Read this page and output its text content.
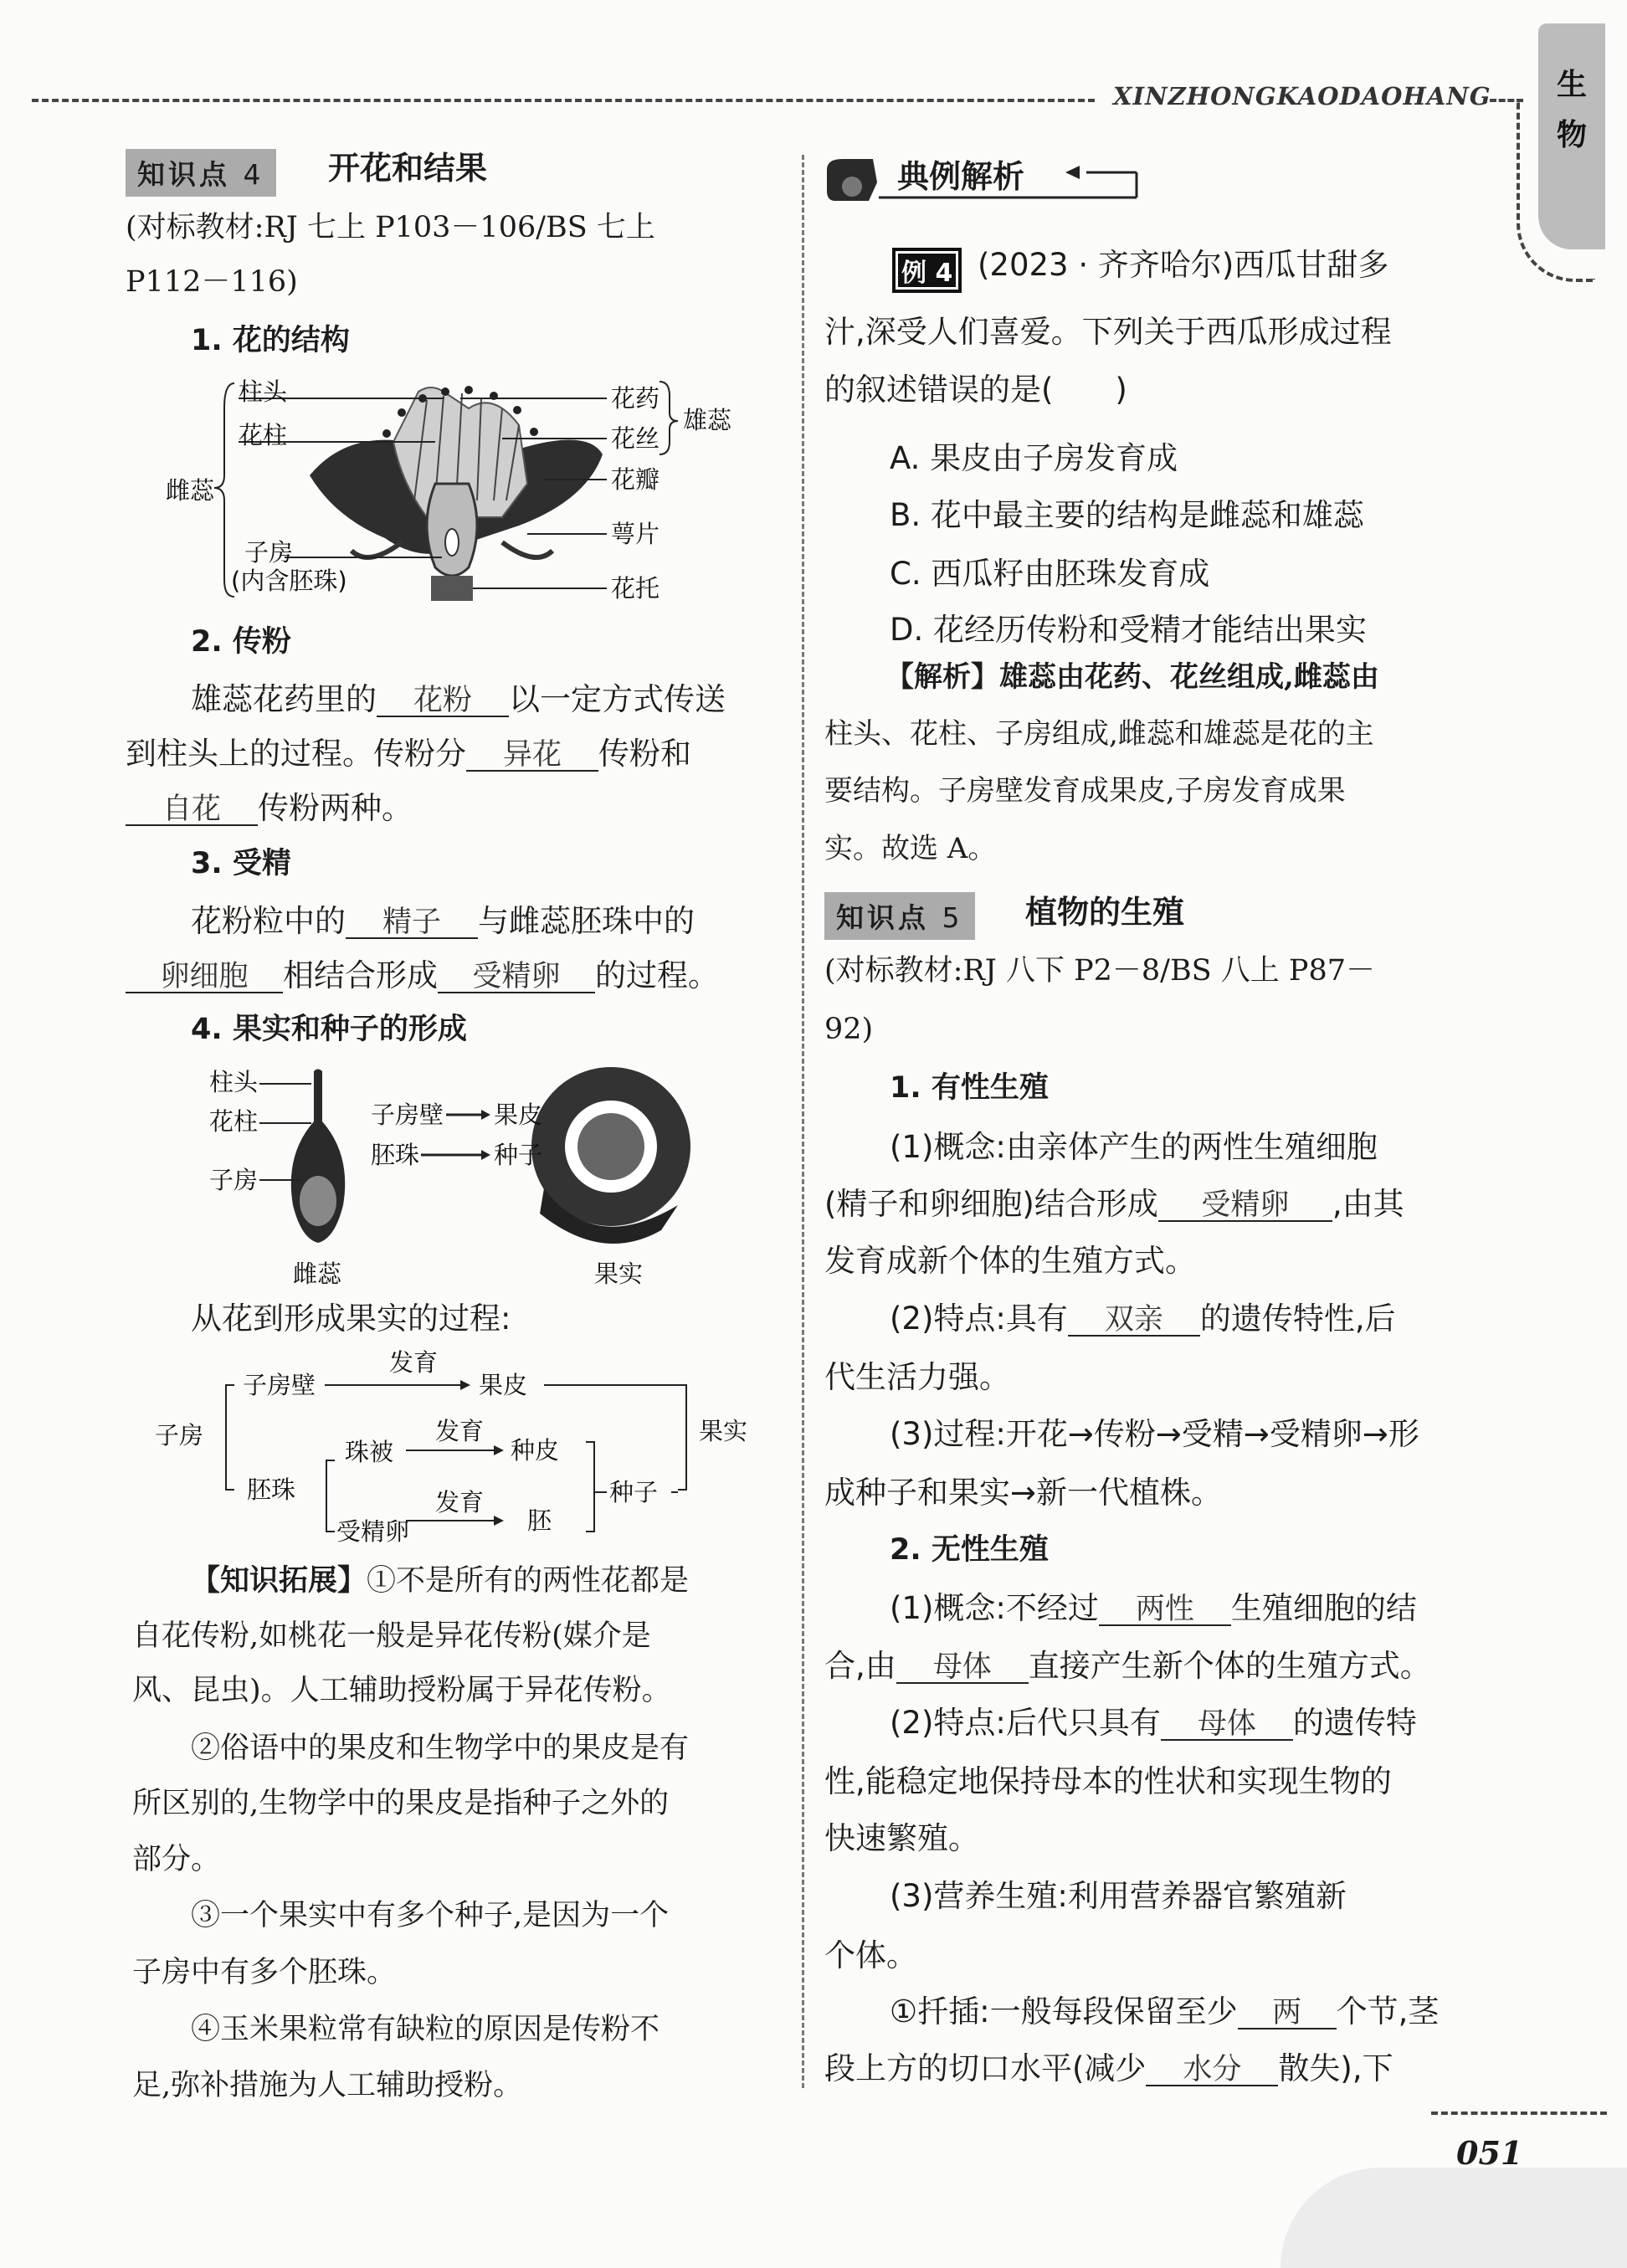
XINZHONGKAODAOHANG 生
物
知识点 4	开花和结果
(对标教材:RJ 七上 P103－106/BS 七上
P112－116)
1. 花的结构
柱头
花柱
雌蕊
子房
(内含胚珠)
花药
花丝
雄蕊
花瓣
萼片
花托
2. 传粉
雄蕊花药里的 花粉 以一定方式传送
到柱头上的过程。传粉分 异花 传粉和
自花 传粉两种。
3. 受精
花粉粒中的 精子 与雌蕊胚珠中的
卵细胞 相结合形成 受精卵 的过程。
4. 果实和种子的形成
柱头
花柱
子房
子房壁 果皮
胚珠	种子
雌蕊	果实
从花到形成果实的过程:
子房
子房壁
发育
果皮
果实
胚珠
珠被
发育
种皮
种子
受精卵
发育
胚
【知识拓展】①不是所有的两性花都是
自花传粉,如桃花一般是异花传粉(媒介是
风、昆虫)。人工辅助授粉属于异花传粉。
②俗语中的果皮和生物学中的果皮是有
所区别的,生物学中的果皮是指种子之外的
部分。
③一个果实中有多个种子,是因为一个
子房中有多个胚珠。
④玉米果粒常有缺粒的原因是传粉不
足,弥补措施为人工辅助授粉。
典例解析
例 4 (2023 · 齐齐哈尔)西瓜甘甜多
汁,深受人们喜爱。下列关于西瓜形成过程
的叙述错误的是(　　)
A. 果皮由子房发育成
B. 花中最主要的结构是雌蕊和雄蕊
C. 西瓜籽由胚珠发育成
D. 花经历传粉和受精才能结出果实
【解析】雄蕊由花药、花丝组成,雌蕊由
柱头、花柱、子房组成,雌蕊和雄蕊是花的主
要结构。子房壁发育成果皮,子房发育成果
实。故选 A。
知识点 5	植物的生殖
(对标教材:RJ 八下 P2－8/BS 八上 P87－
92)
1. 有性生殖
(1)概念:由亲体产生的两性生殖细胞
(精子和卵细胞)结合形成 受精卵 ,由其
发育成新个体的生殖方式。
(2)特点:具有 双亲 的遗传特性,后
代生活力强。
(3)过程:开花→传粉→受精→受精卵→形
成种子和果实→新一代植株。
2. 无性生殖
(1)概念:不经过 两性 生殖细胞的结
合,由 母体 直接产生新个体的生殖方式。
(2)特点:后代只具有 母体 的遗传特
性,能稳定地保持母本的性状和实现生物的
快速繁殖。
(3)营养生殖:利用营养器官繁殖新
个体。
①扦插:一般每段保留至少 两 个节,茎
段上方的切口水平(减少 水分 散失),下
051
